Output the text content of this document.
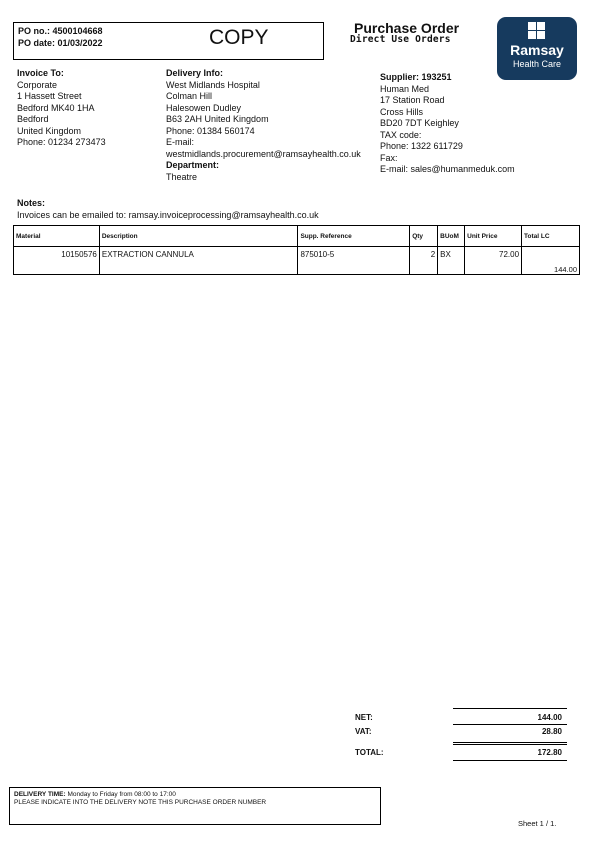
PO no.: 4500104668
PO date: 01/03/2022	COPY	Purchase Order
Direct Use Orders
Ramsay
Health Care
Invoice To:
Corporate
1 Hassett Street
Bedford MK40 1HA
Bedford
United Kingdom
Phone: 01234 273473
Delivery Info:
West Midlands Hospital
Colman Hill
Halesowen Dudley
B63 2AH United Kingdom
Phone: 01384 560174
E-mail:
westmidlands.procurement@ramsayhealth.co.uk
Department:
Theatre
Supplier: 193251
Human Med
17 Station Road
Cross Hills
BD20 7DT Keighley
TAX code:
Phone: 1322 611729
Fax:
E-mail: sales@humanmeduk.com
Notes:
Invoices can be emailed to: ramsay.invoiceprocessing@ramsayhealth.co.uk
Material	Description	Supp. Reference	Qty	BUoM	Unit Price	Total LC
10150576	EXTRACTION CANNULA	875010-5	2	BX	72.00	144.00
NET:	144.00
VAT:	28.80
TOTAL:	172.80
DELIVERY TIME: Monday to Friday from 08:00 to 17:00
PLEASE INDICATE INTO THE DELIVERY NOTE THIS PURCHASE ORDER NUMBER
Sheet 1 / 1.
